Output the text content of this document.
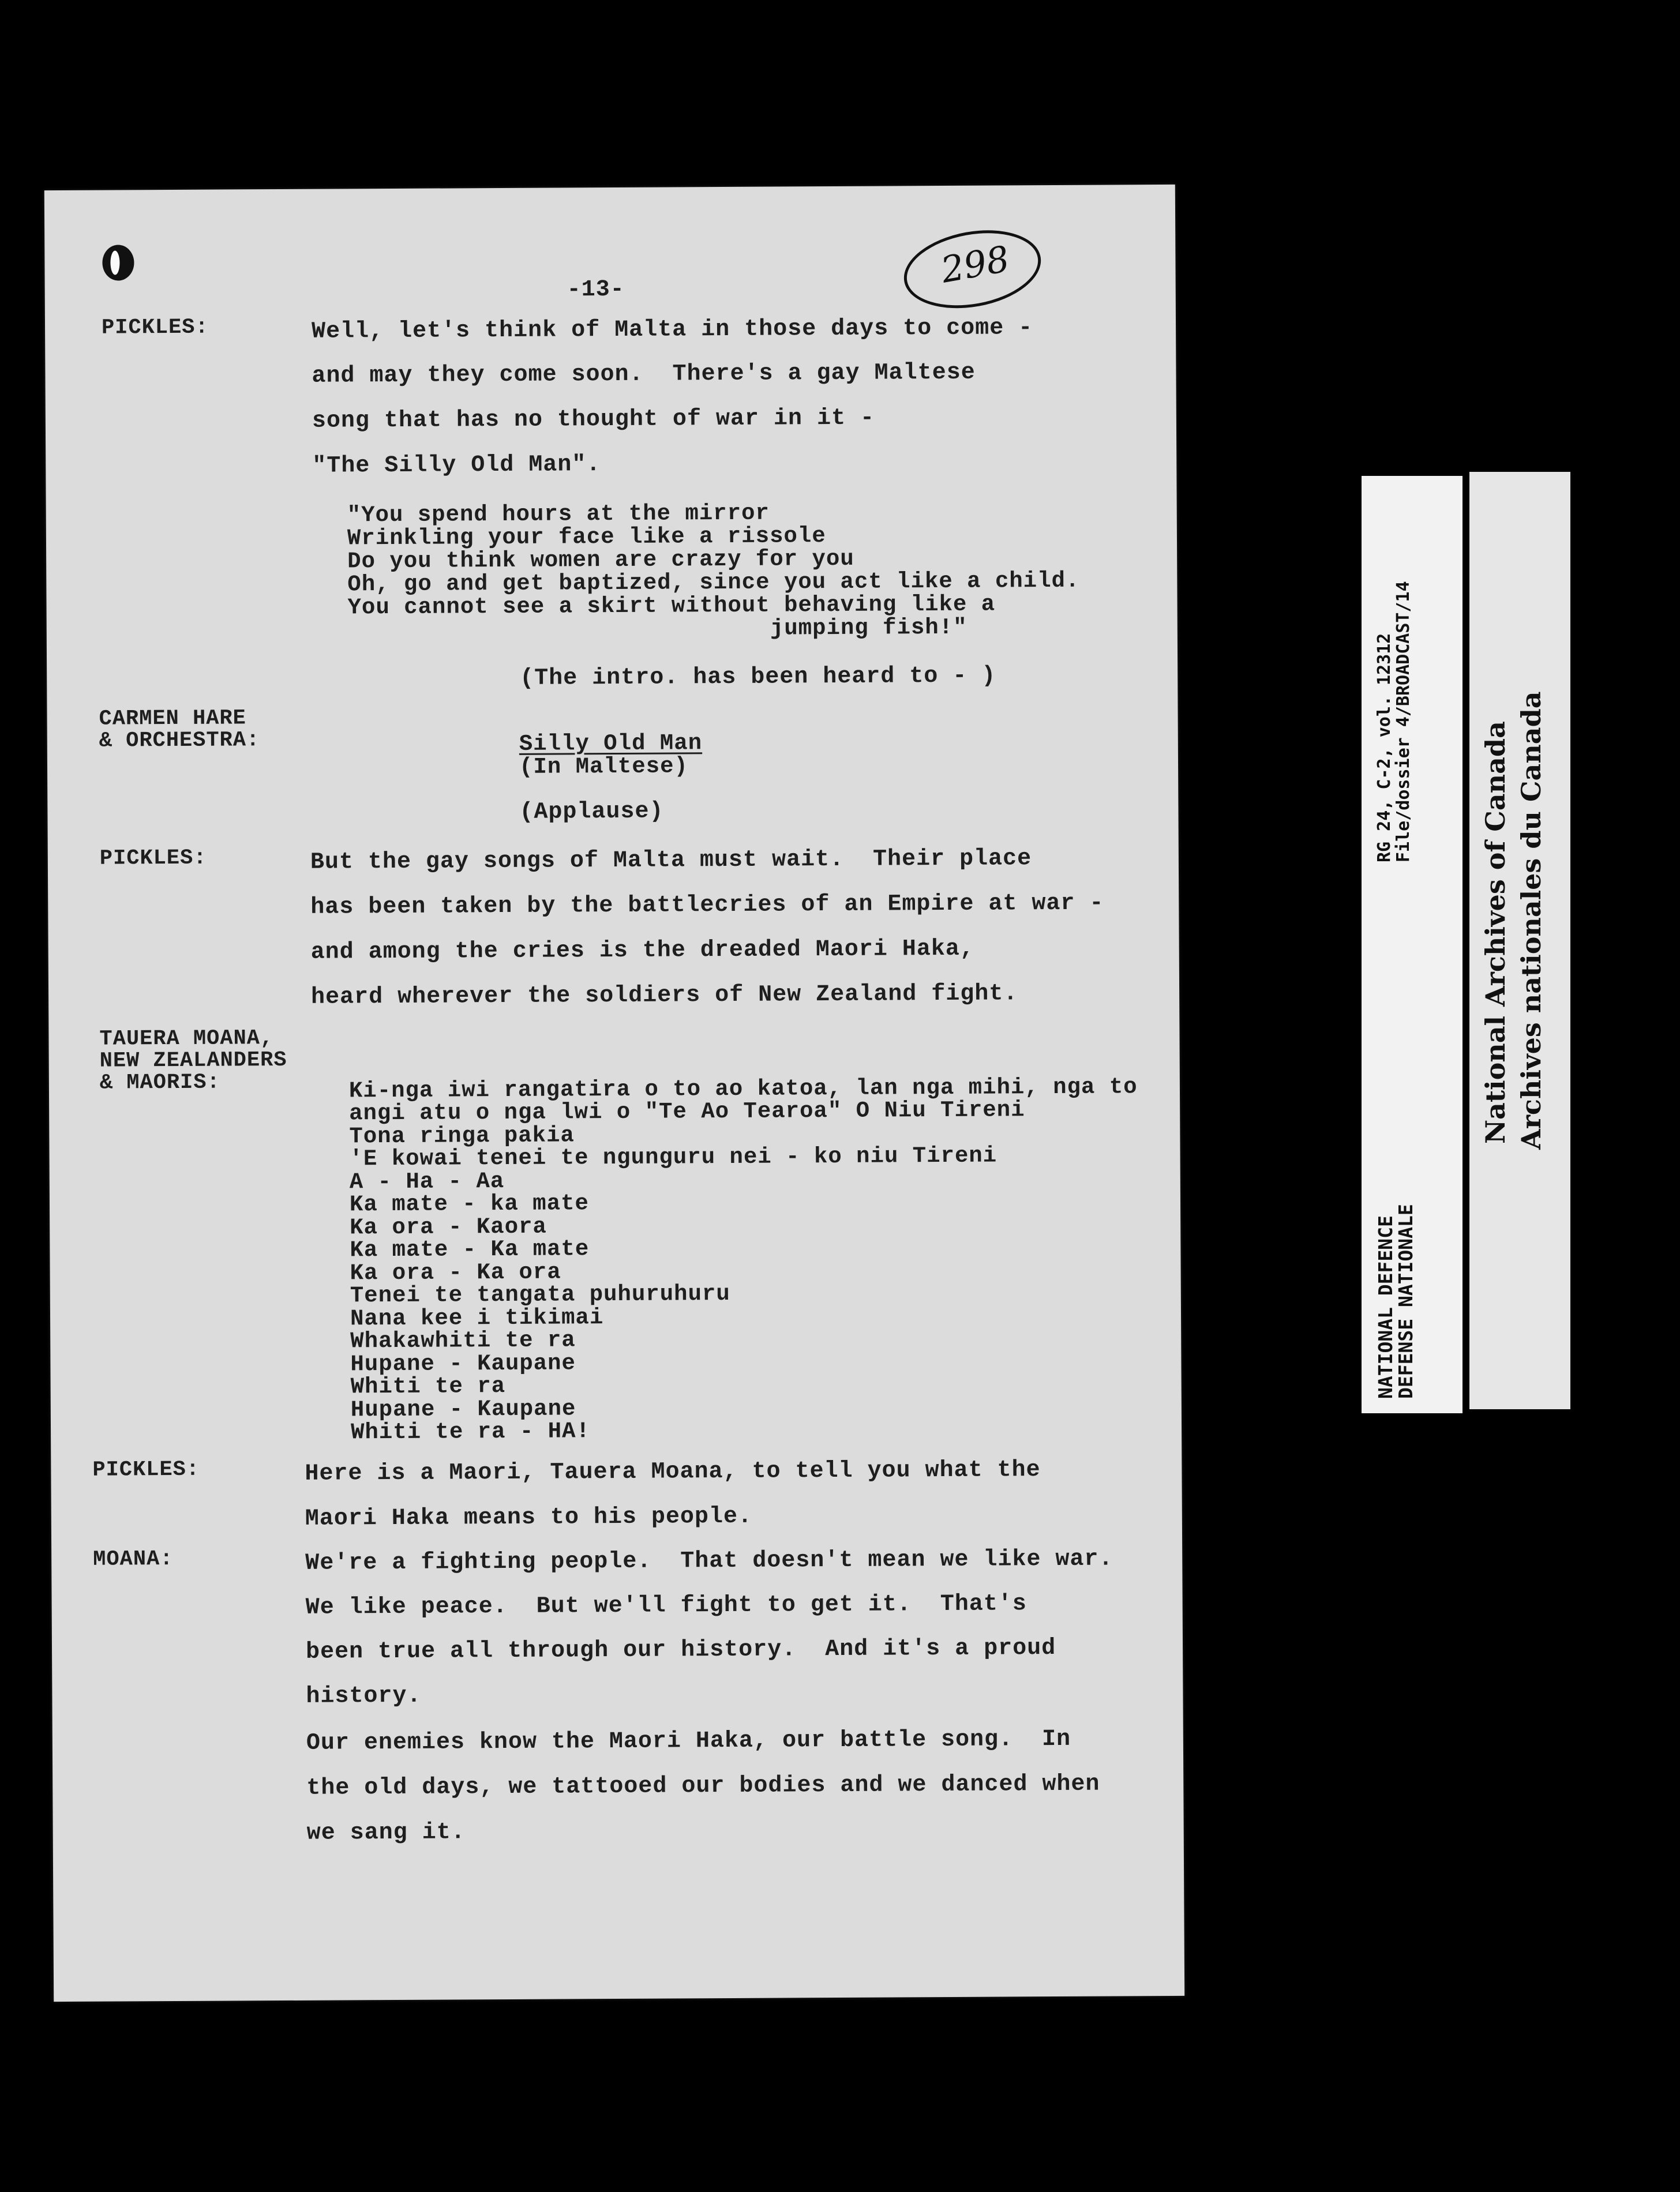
-13-	298
PICKLES:	Well, let's think of Malta in those days to come -
and may they come soon.  There's a gay Maltese
song that has no thought of war in it -
"The Silly Old Man".
"You spend hours at the mirror
Wrinkling your face like a rissole
Do you think women are crazy for you
Oh, go and get baptized, since you act like a child.
You cannot see a skirt without behaving like a
jumping fish!"
(The intro. has been heard to - )
CARMEN HARE
& ORCHESTRA:	Silly Old Man
(In Maltese)
(Applause)
PICKLES:	But the gay songs of Malta must wait.  Their place
has been taken by the battlecries of an Empire at war -
and among the cries is the dreaded Maori Haka,
heard wherever the soldiers of New Zealand fight.
TAUERA MOANA,
NEW ZEALANDERS
& MAORIS:	Ki-nga iwi rangatira o to ao katoa, lan nga mihi, nga to
angi atu o nga lwi o "Te Ao Tearoa" O Niu Tireni
Tona ringa pakia
'E kowai tenei te ngunguru nei - ko niu Tireni
A - Ha - Aa
Ka mate - ka mate
Ka ora - Kaora
Ka mate - Ka mate
Ka ora - Ka ora
Tenei te tangata puhuruhuru
Nana kee i tikimai
Whakawhiti te ra
Hupane - Kaupane
Whiti te ra
Hupane - Kaupane
Whiti te ra - HA!
PICKLES:	Here is a Maori, Tauera Moana, to tell you what the
Maori Haka means to his people.
MOANA:	We're a fighting people.  That doesn't mean we like war.
We like peace.  But we'll fight to get it.  That's
been true all through our history.  And it's a proud
history.
Our enemies know the Maori Haka, our battle song.  In
the old days, we tattooed our bodies and we danced when
we sang it.
RG 24, C-2, vol. 12312
File/dossier 4/BROADCAST/14
NATIONAL DEFENCE
DEFENSE NATIONALE
National Archives of Canada Archives nationales du Canada
